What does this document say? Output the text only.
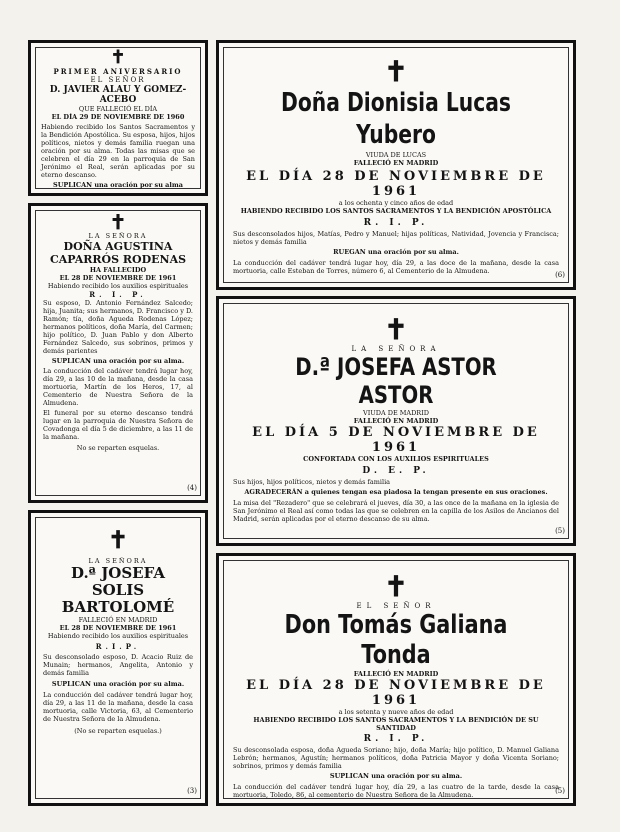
✝
PRIMER ANIVERSARIO
EL SEÑOR
D. JAVIER ALAU Y GOMEZ-ACEBO
QUE FALLECIÓ EL DÍA
EL DÍA 29 DE NOVIEMBRE DE 1960
Habiendo recibido los Santos Sacramentos y la Bendición Apostólica. Su esposa, hijos, hijos políticos, nietos y demás familia ruegan una oración por su alma. Todas las misas que se celebren el día 29 en la parroquia de San Jerónimo el Real, serán aplicadas por su eterno descanso.
SUPLICAN una oración por su alma
✝
LA SEÑORA
DOÑA AGUSTINA CAPARRÓS RODENAS
HA FALLECIDO
EL 28 DE NOVIEMBRE DE 1961
Habiendo recibido los auxilios espirituales
R. I. P.
Su esposo, D. Antonio Fernández Salcedo; hija, Juanita; sus hermanos, D. Francisco y D. Ramón; tía, doña Agueda Rodenas López; hermanos políticos, doña María, del Carmen; hijo político, D. Juan Pablo y don Alberto Fernández Salcedo, sus sobrinos, primos y demás parientes
SUPLICAN una oración por su alma.
La conducción del cadáver tendrá lugar hoy, día 29, a las 10 de la mañana, desde la casa mortuoria, Martín de los Heros, 17, al Cementerio de Nuestra Señora de la Almudena.
El funeral por su eterno descanso tendrá lugar en la parroquia de Nuestra Señora de Covadonga el día 5 de diciembre, a las 11 de la mañana.
No se reparten esquelas.
(4)
✝
LA SEÑORA
D.ª JOSEFA SOLIS
BARTOLOMÉ
FALLECIÓ EN MADRID
EL 28 DE NOVIEMBRE DE 1961
Habiendo recibido los auxilios espirituales
R.I.P.
Su desconsolado esposo, D. Acacio Ruiz de Munain; hermanos, Angelita, Antonio y demás familia
SUPLICAN una oración por su alma.
La conducción del cadáver tendrá lugar hoy, día 29, a las 11 de la mañana, desde la casa mortuoria, calle Victoria, 63, al Cementerio de Nuestra Señora de la Almudena.
(No se reparten esquelas.)
(3)
✝
Doña Dionisia Lucas Yubero
VIUDA DE LUCAS
FALLECIÓ EN MADRID
EL DÍA 28 DE NOVIEMBRE DE 1961
a los ochenta y cinco años de edad
HABIENDO RECIBIDO LOS SANTOS SACRAMENTOS Y LA BENDICIÓN APOSTÓLICA
R. I. P.
Sus desconsolados hijos, Matías, Pedro y Manuel; hijas políticas, Natividad, Jovencia y Francisca; nietos y demás familia
RUEGAN una oración por su alma.
La conducción del cadáver tendrá lugar hoy, día 29, a las doce de la mañana, desde la casa mortuoria, calle Esteban de Torres, número 6, al Cementerio de la Almudena.	(6)
✝
LA SEÑORA
D.ª JOSEFA ASTOR ASTOR
VIUDA DE MADRID
FALLECIÓ EN MADRID
EL DÍA 5 DE NOVIEMBRE DE 1961
CONFORTADA CON LOS AUXILIOS ESPIRITUALES
D. E. P.
Sus hijos, hijos políticos, nietos y demás familia
AGRADECERÁN a quienes tengan esa piadosa la tengan presente en sus oraciones.
La misa del "Rezadero" que se celebrará el jueves, día 30, a las once de la mañana en la iglesia de San Jerónimo el Real así como todas las que se celebren en la capilla de los Asilos de Ancianos del Madrid, serán aplicadas por el eterno descanso de su alma.
(5)
✝
EL SEÑOR
Don Tomás Galiana Tonda
FALLECIÓ EN MADRID
EL DÍA 28 DE NOVIEMBRE DE 1961
a los setenta y nueve años de edad
HABIENDO RECIBIDO LOS SANTOS SACRAMENTOS Y LA BENDICIÓN DE SU SANTIDAD
R. I. P.
Su desconsolada esposa, doña Agueda Soriano; hijo, doña María; hijo político, D. Manuel Galiana Lebrón; hermanos, Agustín; hermanos políticos, doña Patricia Mayor y doña Vicenta Soriano; sobrinos, primos y demás familia
SUPLICAN una oración por su alma.
La conducción del cadáver tendrá lugar hoy, día 29, a las cuatro de la tarde, desde la casa mortuoria, Toledo, 86, al cementerio de Nuestra Señora de la Almudena.	(5)
